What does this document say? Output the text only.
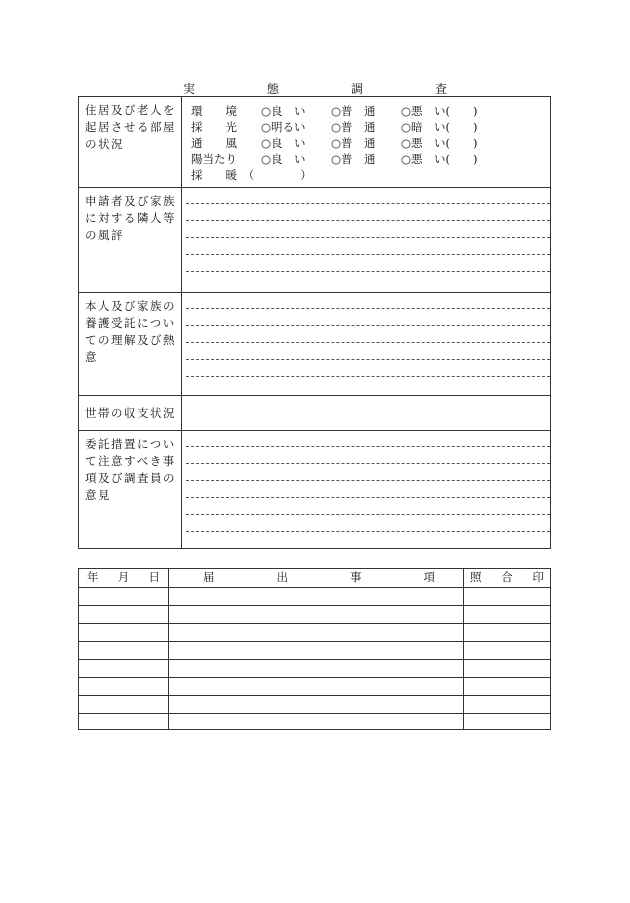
実　態　調　査
住居及び老人を起居させる部屋の状況
環　　境 ○良　い ○普　通 ○悪　い(　　)
採　　光 ○明るい ○普　通 ○暗　い(　　)
通　　風 ○良　い ○普　通 ○悪　い(　　)
陽当たり ○良　い ○普　通 ○悪　い(　　)
採　　暖　（　　　　）
申請者及び家族に対する隣人等の風評
本人及び家族の養護受託についての理解及び熱意
世帯の収支状況
委託措置について注意すべき事項及び調査員の意見
年 月 日	届	出	事	項	照 合 印
